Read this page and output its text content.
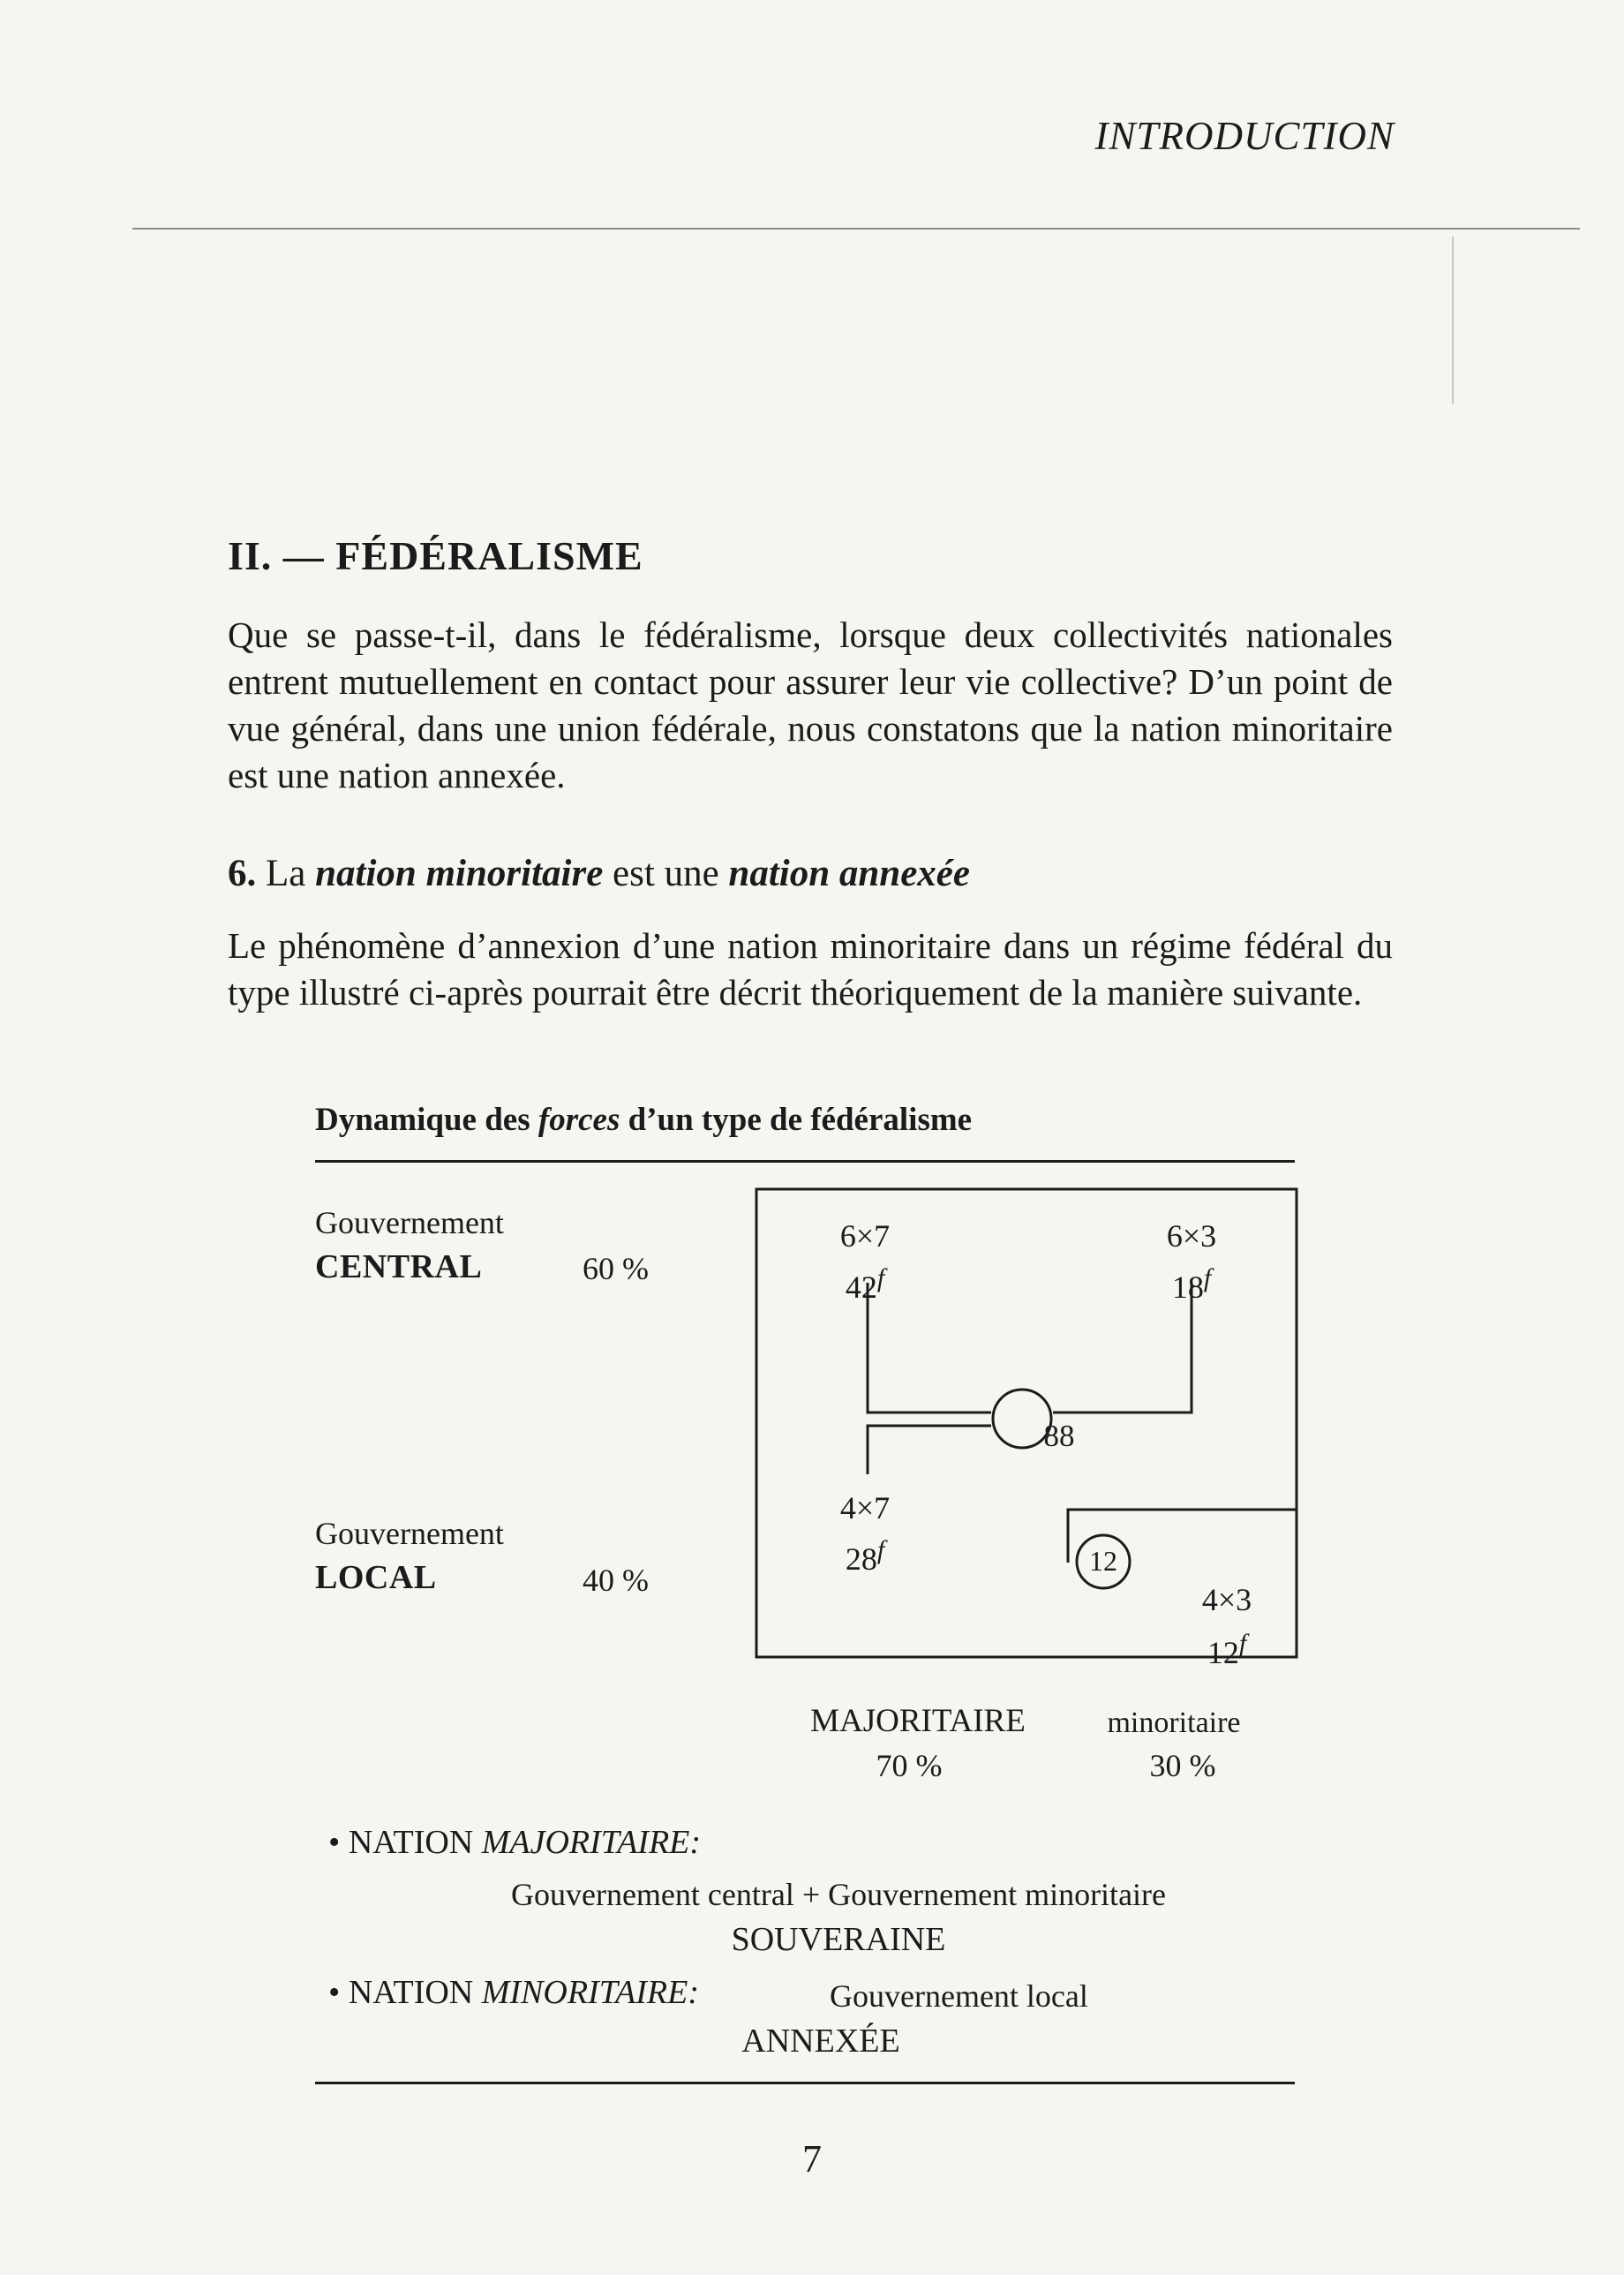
INTRODUCTION
II. — FÉDÉRALISME
Que se passe-t-il, dans le fédéralisme, lorsque deux collectivités nationales entrent mutuellement en contact pour assurer leur vie collective? D’un point de vue général, dans une union fédérale, nous constatons que la nation minoritaire est une nation annexée.
6. La nation minoritaire est une nation annexée
Le phénomène d’annexion d’une nation minoritaire dans un régime fédéral du type illustré ci-après pourrait être décrit théoriquement de la manière suivante.
Dynamique des forces d’un type de fédéralisme
Gouvernement
CENTRAL	60 %
Gouvernement
LOCAL	40 %
88
12
6×7
42$^f$
6×3
18$^f$
4×7
28$^f$
4×3
12$^f$
MAJORITAIRE	minoritaire
70 %	30 %
• NATION MAJORITAIRE:
Gouvernement central + Gouvernement minoritaire
SOUVERAINE
• NATION MINORITAIRE:	Gouvernement local
ANNEXÉE
7
